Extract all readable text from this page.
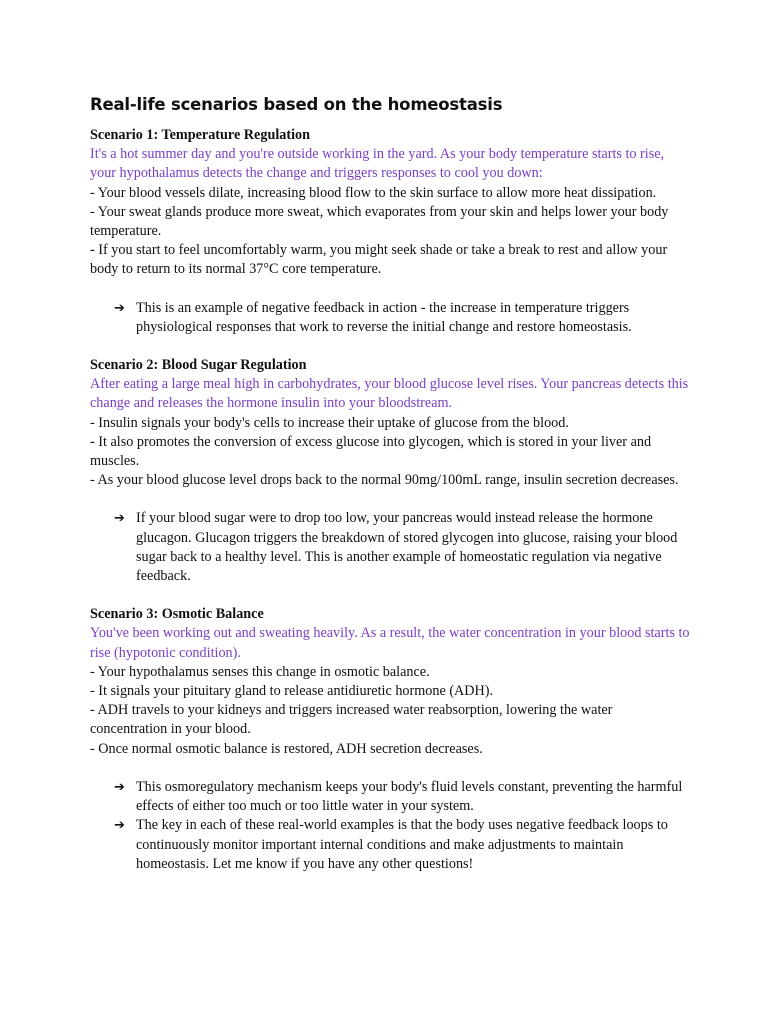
Real-life scenarios based on the homeostasis

Scenario 1: Temperature Regulation

It's a hot summer day and you're outside working in the yard. As your body temperature starts to rise, your hypothalamus detects the change and triggers responses to cool you down:

- Your blood vessels dilate, increasing blood flow to the skin surface to allow more heat dissipation.

- Your sweat glands produce more sweat, which evaporates from your skin and helps lower your body temperature.

- If you start to feel uncomfortably warm, you might seek shade or take a break to rest and allow your body to return to its normal 37°C core temperature.

➔ This is an example of negative feedback in action - the increase in temperature triggers physiological responses that work to reverse the initial change and restore homeostasis.

Scenario 2: Blood Sugar Regulation

After eating a large meal high in carbohydrates, your blood glucose level rises. Your pancreas detects this change and releases the hormone insulin into your bloodstream.

- Insulin signals your body's cells to increase their uptake of glucose from the blood.

- It also promotes the conversion of excess glucose into glycogen, which is stored in your liver and muscles.

- As your blood glucose level drops back to the normal 90mg/100mL range, insulin secretion decreases.

➔ If your blood sugar were to drop too low, your pancreas would instead release the hormone glucagon. Glucagon triggers the breakdown of stored glycogen into glucose, raising your blood sugar back to a healthy level. This is another example of homeostatic regulation via negative feedback.

Scenario 3: Osmotic Balance

You've been working out and sweating heavily. As a result, the water concentration in your blood starts to rise (hypotonic condition).

- Your hypothalamus senses this change in osmotic balance.

- It signals your pituitary gland to release antidiuretic hormone (ADH).

- ADH travels to your kidneys and triggers increased water reabsorption, lowering the water concentration in your blood.

- Once normal osmotic balance is restored, ADH secretion decreases.

➔ This osmoregulatory mechanism keeps your body's fluid levels constant, preventing the harmful effects of either too much or too little water in your system.
➔ The key in each of these real-world examples is that the body uses negative feedback loops to continuously monitor important internal conditions and make adjustments to maintain homeostasis. Let me know if you have any other questions!
